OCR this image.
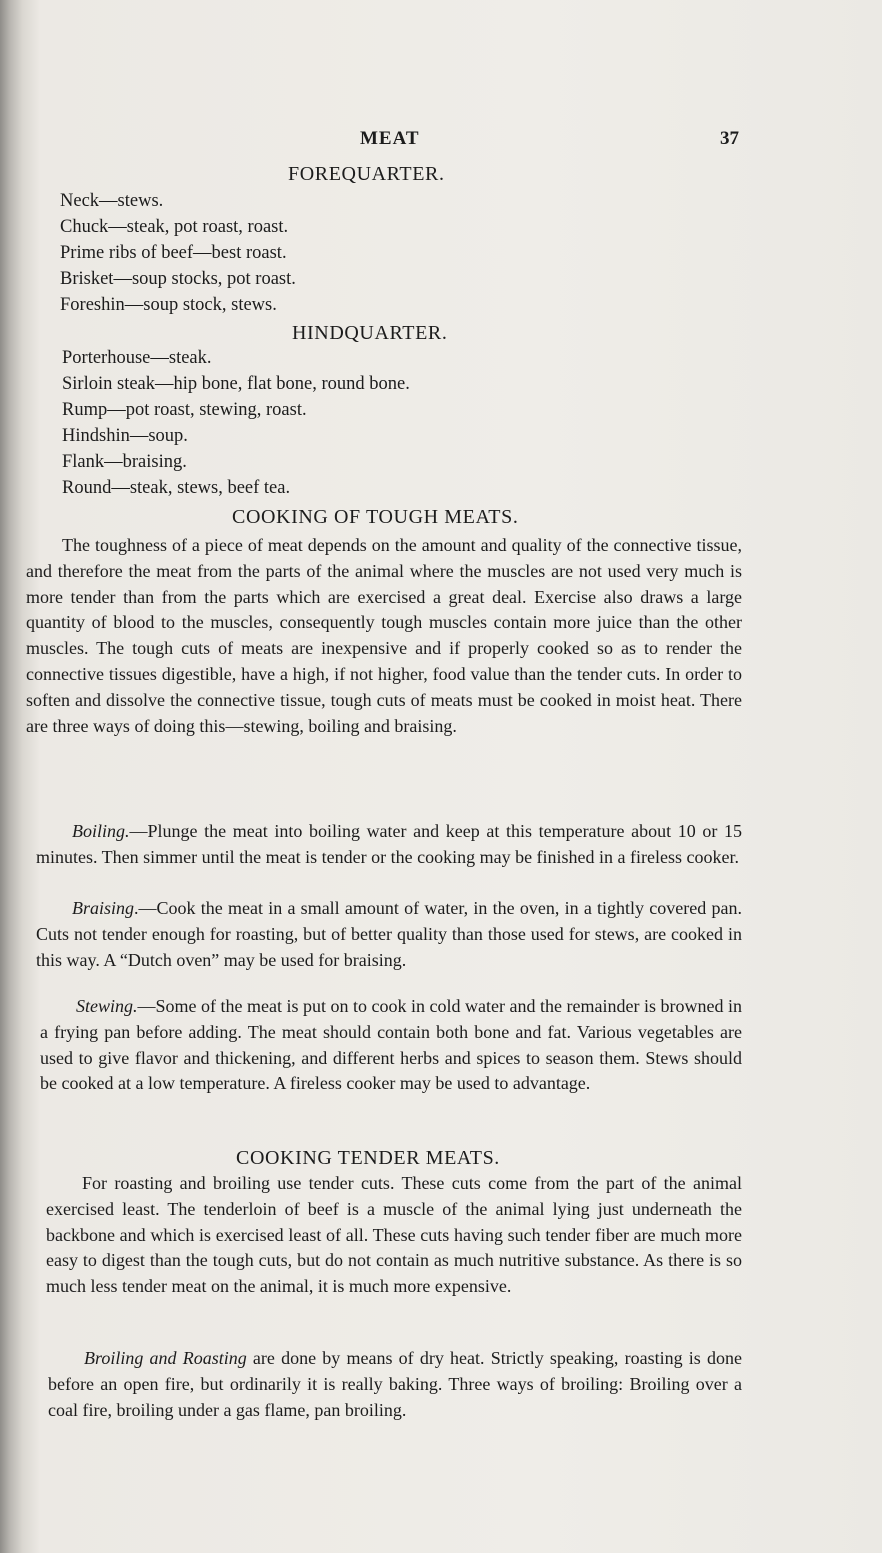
MEAT	37
FOREQUARTER.
Neck—stews.
Chuck—steak, pot roast, roast.
Prime ribs of beef—best roast.
Brisket—soup stocks, pot roast.
Foreshin—soup stock, stews.
HINDQUARTER.
Porterhouse—steak.
Sirloin steak—hip bone, flat bone, round bone.
Rump—pot roast, stewing, roast.
Hindshin—soup.
Flank—braising.
Round—steak, stews, beef tea.
COOKING OF TOUGH MEATS.

The toughness of a piece of meat depends on the amount and quality of the connective tissue, and therefore the meat from the parts of the animal where the muscles are not used very much is more tender than from the parts which are exercised a great deal. Exercise also draws a large quantity of blood to the muscles, consequently tough muscles contain more juice than the other muscles. The tough cuts of meats are inexpensive and if properly cooked so as to render the connective tissues digestible, have a high, if not higher, food value than the tender cuts. In order to soften and dissolve the connective tissue, tough cuts of meats must be cooked in moist heat. There are three ways of doing this—stewing, boiling and braising.

Boiling.—Plunge the meat into boiling water and keep at this temperature about 10 or 15 minutes. Then simmer until the meat is tender or the cooking may be finished in a fireless cooker.

Braising.—Cook the meat in a small amount of water, in the oven, in a tightly covered pan. Cuts not tender enough for roasting, but of better quality than those used for stews, are cooked in this way. A “Dutch oven” may be used for braising.

Stewing.—Some of the meat is put on to cook in cold water and the remainder is browned in a frying pan before adding. The meat should contain both bone and fat. Various vegetables are used to give flavor and thickening, and different herbs and spices to season them. Stews should be cooked at a low temperature. A fireless cooker may be used to advantage.

COOKING TENDER MEATS.

For roasting and broiling use tender cuts. These cuts come from the part of the animal exercised least. The tenderloin of beef is a muscle of the animal lying just underneath the backbone and which is exercised least of all. These cuts having such tender fiber are much more easy to digest than the tough cuts, but do not contain as much nutritive substance. As there is so much less tender meat on the animal, it is much more expensive.

Broiling and Roasting are done by means of dry heat. Strictly speaking, roasting is done before an open fire, but ordinarily it is really baking. Three ways of broiling: Broiling over a coal fire, broiling under a gas flame, pan broiling.
